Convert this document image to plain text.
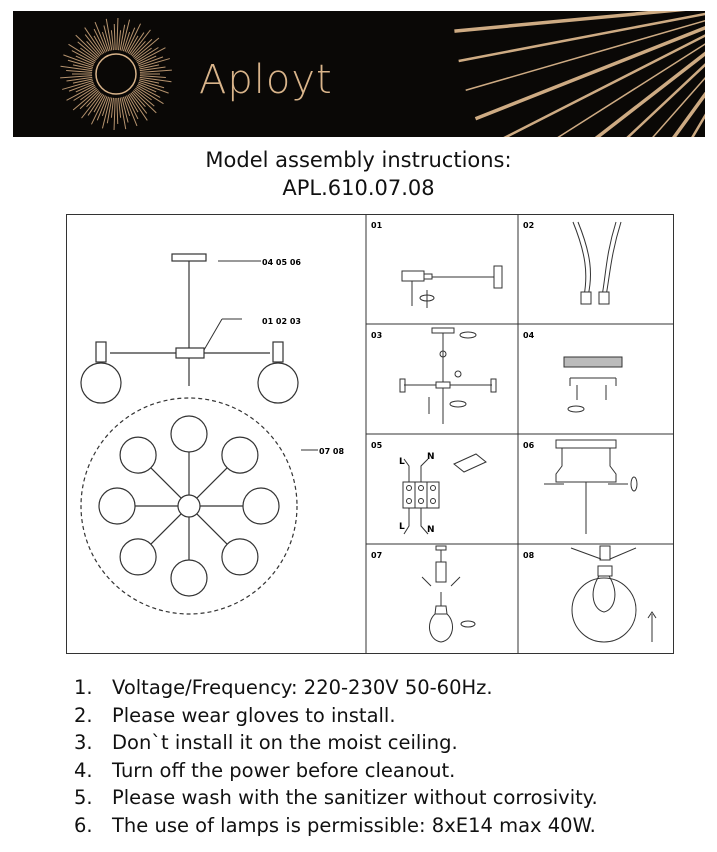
Aployt
Model assembly instructions:
APL.610.07.08
04 05 06
01 02 03
07 08
01	02
03	04
05	06
07	08
L N
L N
1. Voltage/Frequency: 220-230V 50-60Hz.
2. Please wear gloves to install.
3. Don`t install it on the moist ceiling.
4. Turn off the power before cleanout.
5. Please wash with the sanitizer without corrosivity.
6. The use of lamps is permissible: 8xE14 max 40W.
